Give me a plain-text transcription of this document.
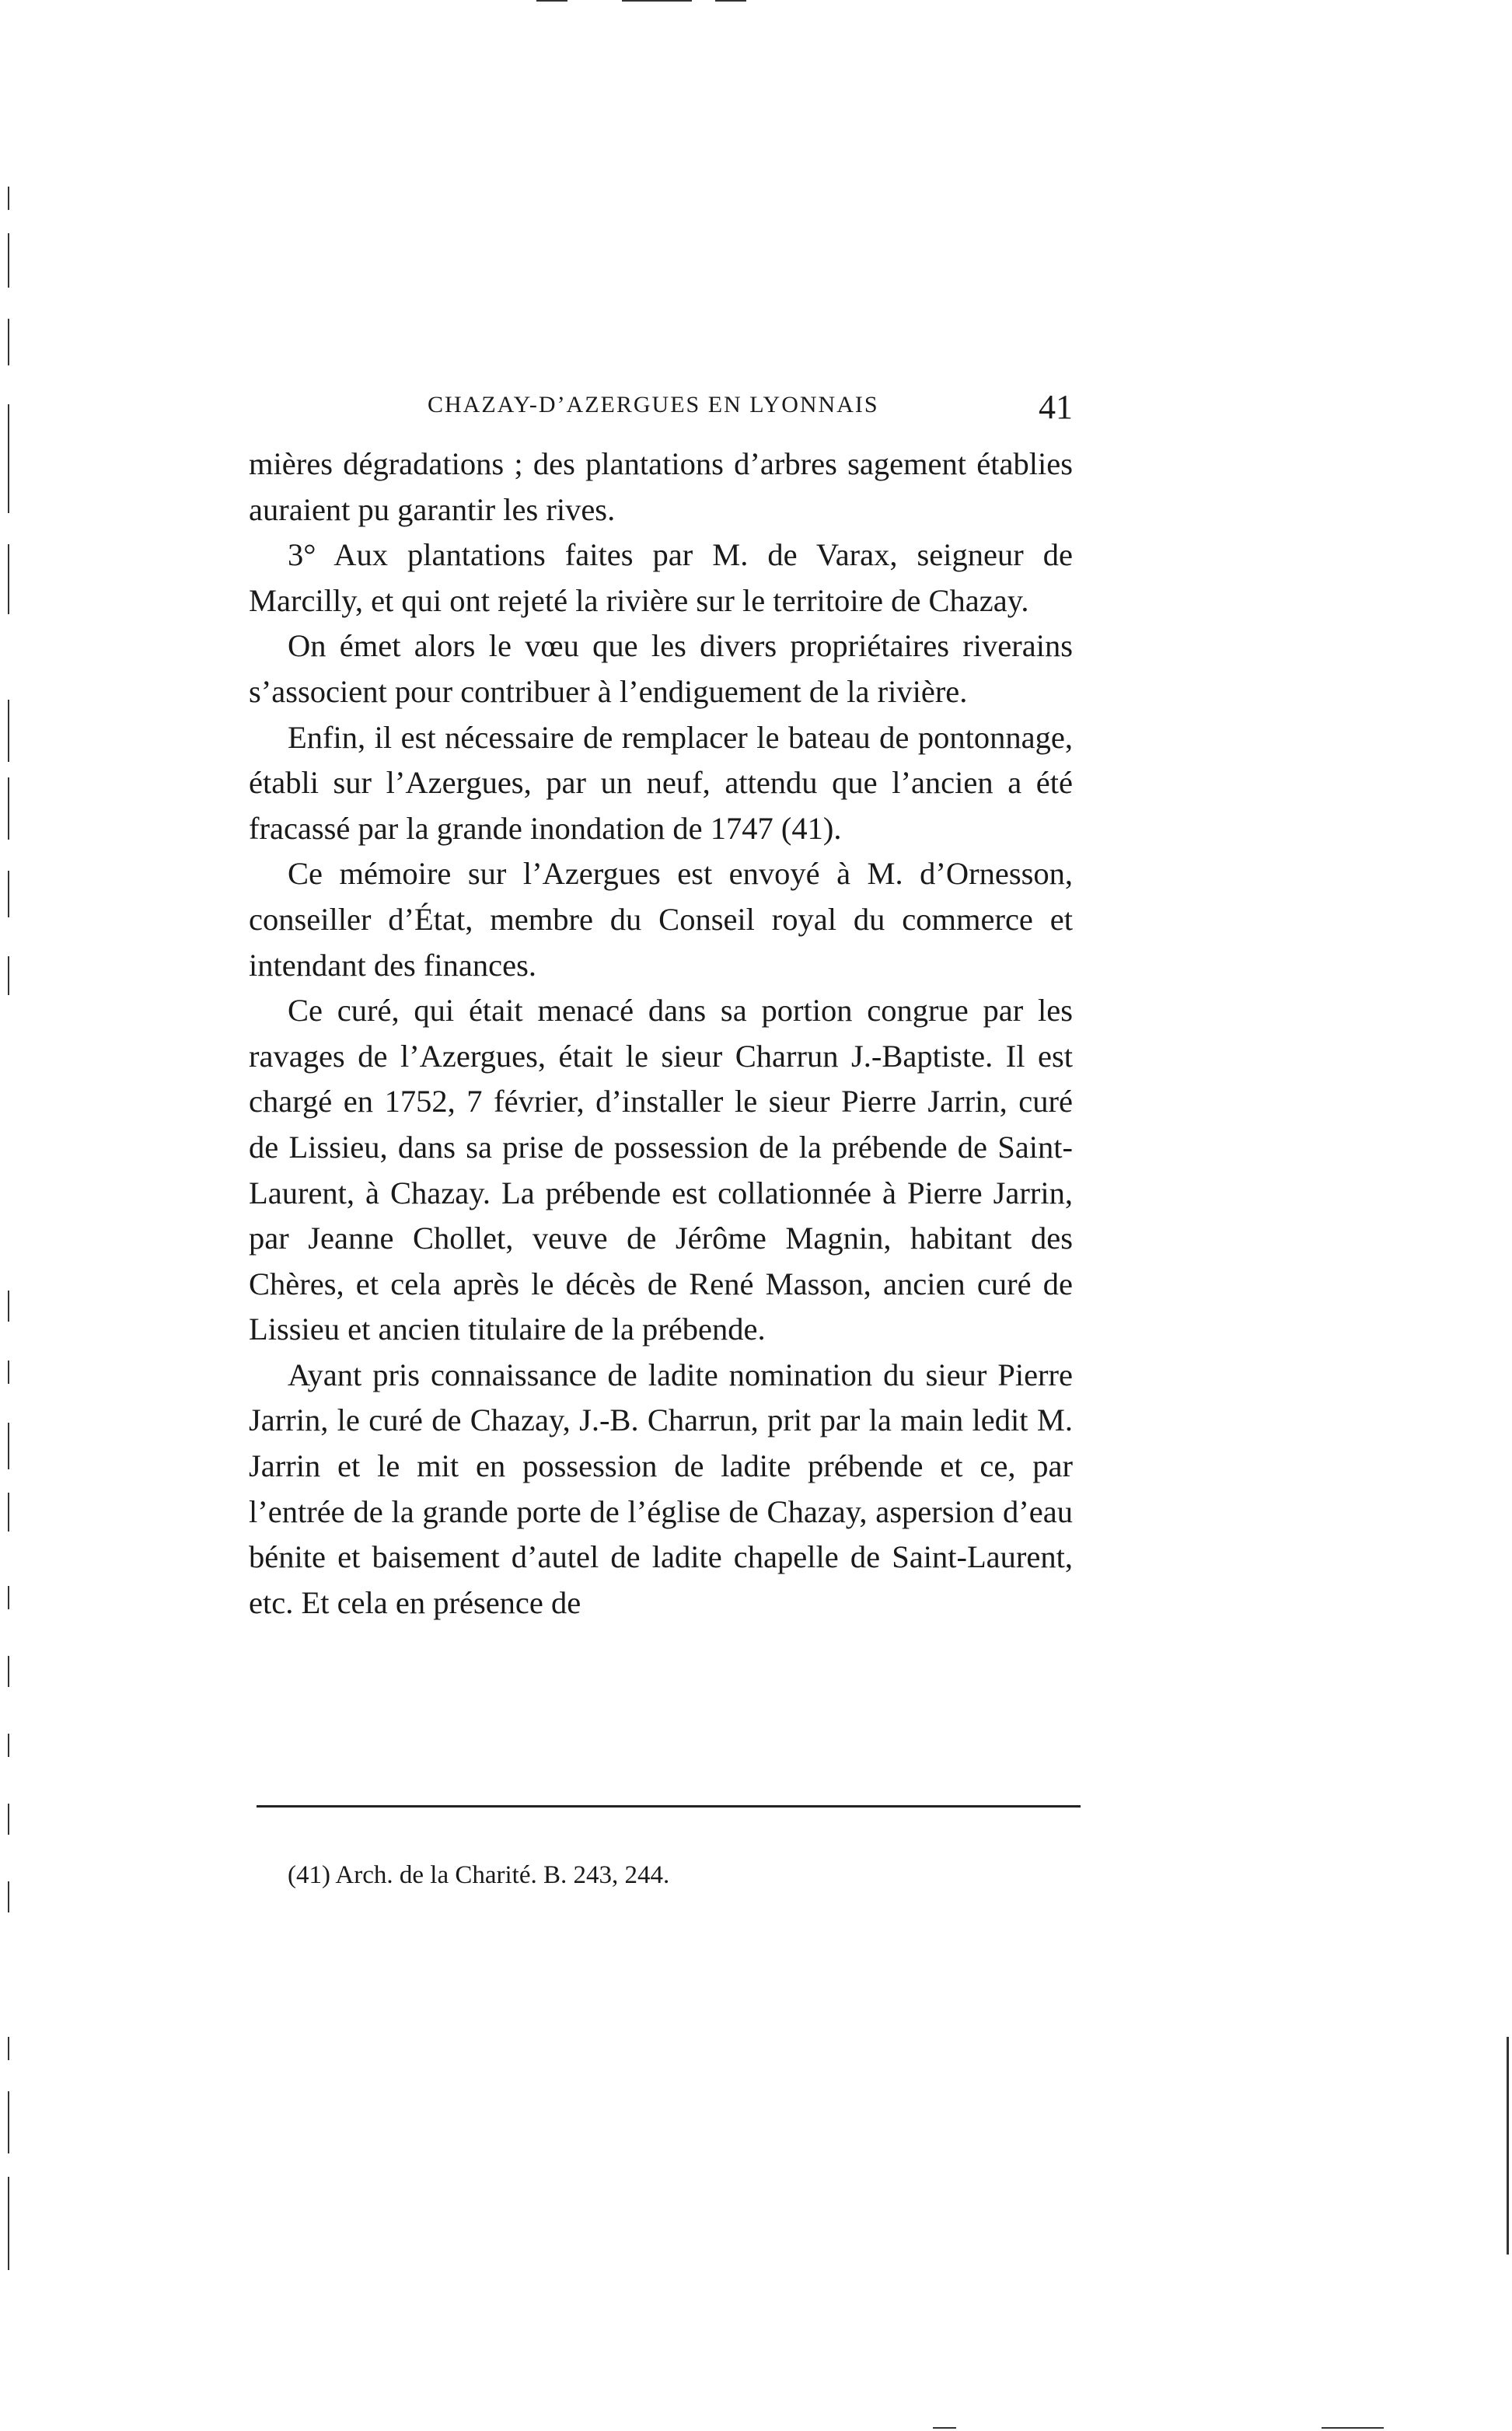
CHAZAY-D’AZERGUES EN LYONNAIS	41

mières dégradations ; des plantations d’arbres sagement établies auraient pu garantir les rives.

3° Aux plantations faites par M. de Varax, seigneur de Marcilly, et qui ont rejeté la rivière sur le territoire de Chazay.

On émet alors le vœu que les divers propriétaires riverains s’associent pour contribuer à l’endiguement de la rivière.

Enfin, il est nécessaire de remplacer le bateau de pontonnage, établi sur l’Azergues, par un neuf, attendu que l’ancien a été fracassé par la grande inondation de 1747 (41).

Ce mémoire sur l’Azergues est envoyé à M. d’Ornesson, conseiller d’État, membre du Conseil royal du commerce et intendant des finances.

Ce curé, qui était menacé dans sa portion congrue par les ravages de l’Azergues, était le sieur Charrun J.-Baptiste. Il est chargé en 1752, 7 février, d’installer le sieur Pierre Jarrin, curé de Lissieu, dans sa prise de possession de la prébende de Saint-Laurent, à Chazay. La prébende est collationnée à Pierre Jarrin, par Jeanne Chollet, veuve de Jérôme Magnin, habitant des Chères, et cela après le décès de René Masson, ancien curé de Lissieu et ancien titulaire de la prébende.

Ayant pris connaissance de ladite nomination du sieur Pierre Jarrin, le curé de Chazay, J.-B. Charrun, prit par la main ledit M. Jarrin et le mit en possession de ladite prébende et ce, par l’entrée de la grande porte de l’église de Chazay, aspersion d’eau bénite et baisement d’autel de ladite chapelle de Saint-Laurent, etc. Et cela en présence de

(41) Arch. de la Charité. B. 243, 244.
